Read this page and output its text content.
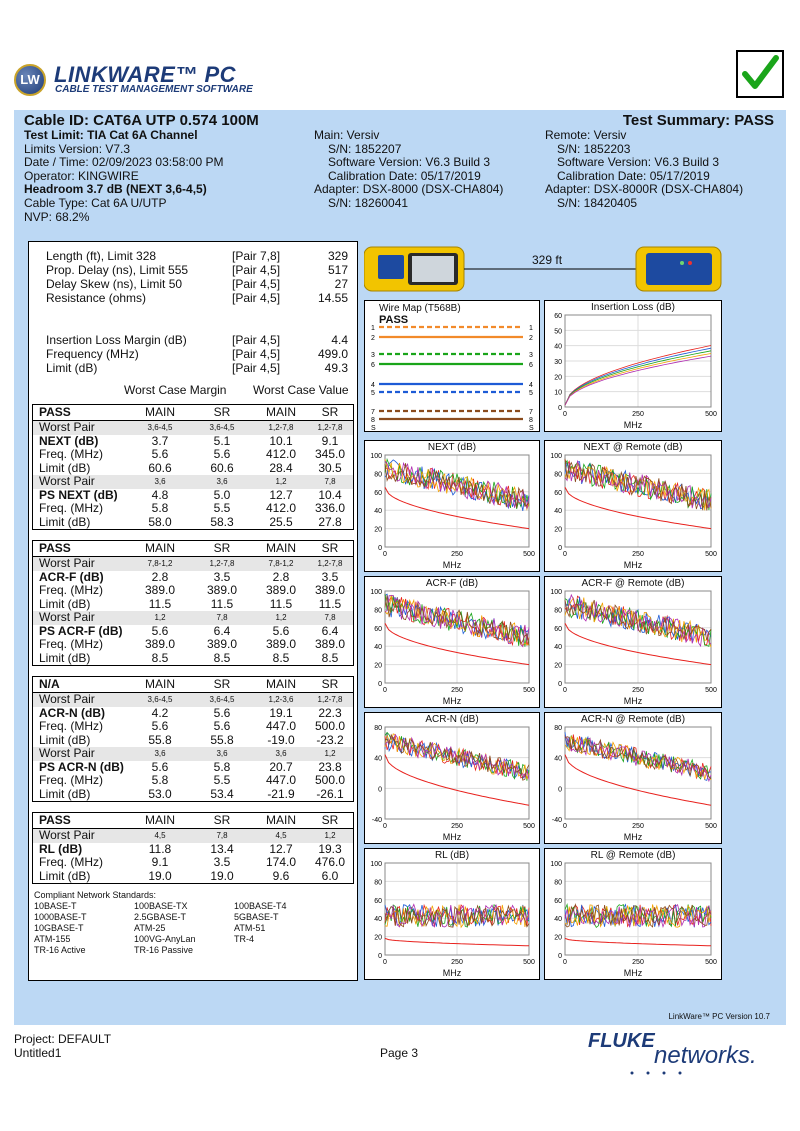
LW LINKWARE™ PC
CABLE TEST MANAGEMENT SOFTWARE
Cable ID: CAT6A UTP 0.574 100M	Test Summary: PASS
Test Limit: TIA Cat 6A Channel
Limits Version: V7.3
Date / Time: 02/09/2023 03:58:00 PM
Operator: KINGWIRE
Headroom 3.7 dB (NEXT 3,6-4,5)
Cable Type: Cat 6A U/UTP
NVP: 68.2%
Main: Versiv
S/N: 1852207
Software Version: V6.3 Build 3
Calibration Date: 05/17/2019
Adapter: DSX-8000 (DSX-CHA804)
S/N: 18260041
Remote: Versiv
S/N: 1852203
Software Version: V6.3 Build 3
Calibration Date: 05/17/2019
Adapter: DSX-8000R (DSX-CHA804)
S/N: 18420405
Length (ft), Limit 328	[Pair 7,8]	329
Prop. Delay (ns), Limit 555	[Pair 4,5]	517
Delay Skew (ns), Limit 50	[Pair 4,5]	27
Resistance (ohms)	[Pair 4,5]	14.55
Insertion Loss Margin (dB)	[Pair 4,5]	4.4
Frequency (MHz)	[Pair 4,5]	499.0
Limit (dB)	[Pair 4,5]	49.3
Worst Case Margin Worst Case Value
PASS	MAIN	SR	MAIN	SR
Worst Pair	3,6-4,5	3,6-4,5	1,2-7,8	1,2-7,8
NEXT (dB)	3.7	5.1	10.1	9.1
Freq. (MHz)	5.6	5.6	412.0	345.0
Limit (dB)	60.6	60.6	28.4	30.5
Worst Pair	3,6	3,6	1,2	7,8
PS NEXT (dB)	4.8	5.0	12.7	10.4
Freq. (MHz)	5.8	5.5	412.0	336.0
Limit (dB)	58.0	58.3	25.5	27.8
PASS	MAIN	SR	MAIN	SR
Worst Pair	7,8-1,2	1,2-7,8	7,8-1,2	1,2-7,8
ACR-F (dB)	2.8	3.5	2.8	3.5
Freq. (MHz)	389.0	389.0	389.0	389.0
Limit (dB)	11.5	11.5	11.5	11.5
Worst Pair	1,2	7,8	1,2	7,8
PS ACR-F (dB)	5.6	6.4	5.6	6.4
Freq. (MHz)	389.0	389.0	389.0	389.0
Limit (dB)	8.5	8.5	8.5	8.5
N/A	MAIN	SR	MAIN	SR
Worst Pair	3,6-4,5	3,6-4,5	1,2-3,6	1,2-7,8
ACR-N (dB)	4.2	5.6	19.1	22.3
Freq. (MHz)	5.6	5.6	447.0	500.0
Limit (dB)	55.8	55.8	-19.0	-23.2
Worst Pair	3,6	3,6	3,6	1,2
PS ACR-N (dB)	5.6	5.8	20.7	23.8
Freq. (MHz)	5.8	5.5	447.0	500.0
Limit (dB)	53.0	53.4	-21.9	-26.1
PASS	MAIN	SR	MAIN	SR
Worst Pair	4,5	7,8	4,5	1,2
RL (dB)	11.8	13.4	12.7	19.3
Freq. (MHz)	9.1	3.5	174.0	476.0
Limit (dB)	19.0	19.0	9.6	6.0
Compliant Network Standards:
10BASE-T	100BASE-TX	100BASE-T4
1000BASE-T	2.5GBASE-T	5GBASE-T
10GBASE-T	ATM-25	ATM-51
ATM-155	100VG-AnyLan	TR-4
TR-16 Active	TR-16 Passive
329 ft
Wire Map (T568B)
PASS
1	1
2	2
3	3
6	6
4	4
5	5
7	7
8	8
S	S
Insertion Loss (dB)
60
50
40
30
20
10
0
0	250	500
MHz
NEXT (dB)
100
80
60
40
20
0
0	250	500
MHz
NEXT @ Remote (dB)
100
80
60
40
20
0
0	250	500
MHz
ACR-F (dB)
100
80
60
40
20
0
0	250	500
MHz
ACR-F @ Remote (dB)
100
80
60
40
20
0
0	250	500
MHz
ACR-N (dB)
80
40
0
-40
0	250	500
MHz
ACR-N @ Remote (dB)
80
40
0
-40
0	250	500
MHz
RL (dB)
100
80
60
40
20
0
0	250	500
MHz
RL @ Remote (dB)
100
80
60
40
20
0
0	250	500
MHz
LinkWare™ PC Version 10.7
Project: DEFAULT
Untitled1	Page 3
FLUKE
networks.
